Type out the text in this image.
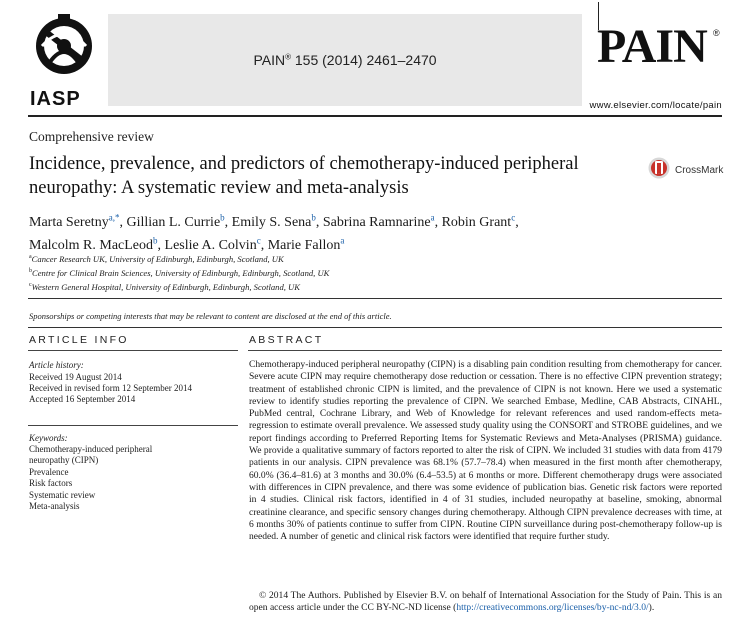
IASP
PAIN® 155 (2014) 2461–2470	PAIN ®
www.elsevier.com/locate/pain
Comprehensive review
Incidence, prevalence, and predictors of chemotherapy-induced peripheral neuropathy: A systematic review and meta-analysis
CrossMark
Marta Seretny$^{a,*}$, Gillian L. Currie$^b$, Emily S. Sena$^b$, Sabrina Ramnarine$^a$, Robin Grant$^c$,
Malcolm R. MacLeod$^b$, Leslie A. Colvin$^c$, Marie Fallon$^a$
$^a$Cancer Research UK, University of Edinburgh, Edinburgh, Scotland, UK
$^b$Centre for Clinical Brain Sciences, University of Edinburgh, Edinburgh, Scotland, UK
$^c$Western General Hospital, University of Edinburgh, Edinburgh, Scotland, UK
Sponsorships or competing interests that may be relevant to content are disclosed at the end of this article.
ARTICLE INFO
Article history:
Received 19 August 2014
Received in revised form 12 September 2014
Accepted 16 September 2014
Keywords:
Chemotherapy-induced peripheral
neuropathy (CIPN)
Prevalence
Risk factors
Systematic review
Meta-analysis
ABSTRACT

Chemotherapy-induced peripheral neuropathy (CIPN) is a disabling pain condition resulting from chemotherapy for cancer. Severe acute CIPN may require chemotherapy dose reduction or cessation. There is no effective CIPN prevention strategy; treatment of established chronic CIPN is limited, and the prevalence of CIPN is not known. Here we used a systematic review to identify studies reporting the prevalence of CIPN. We searched Embase, Medline, CAB Abstracts, CINAHL, PubMed central, Cochrane Library, and Web of Knowledge for relevant references and used random-effects meta-regression to estimate overall prevalence. We assessed study quality using the CONSORT and STROBE guidelines, and we report findings according to Preferred Reporting Items for Systematic Reviews and Meta-Analyses (PRISMA) guidance. We provide a qualitative summary of factors reported to alter the risk of CIPN. We included 31 studies with data from 4179 patients in our analysis. CIPN prevalence was 68.1% (57.7–78.4) when measured in the first month after chemotherapy, 60.0% (36.4–81.6) at 3 months and 30.0% (6.4–53.5) at 6 months or more. Different chemotherapy drugs were associated with differences in CIPN prevalence, and there was some evidence of publication bias. Genetic risk factors were reported in 4 studies. Clinical risk factors, identified in 4 of 31 studies, included neuropathy at baseline, smoking, abnormal creatinine clearance, and specific sensory changes during chemotherapy. Although CIPN prevalence decreases with time, at 6 months 30% of patients continue to suffer from CIPN. Routine CIPN surveillance during post-chemotherapy follow-up is needed. A number of genetic and clinical risk factors were identified that require further study.

© 2014 The Authors. Published by Elsevier B.V. on behalf of International Association for the Study of Pain. This is an open access article under the CC BY-NC-ND license (http://creativecommons.org/licenses/by-nc-nd/3.0/).
